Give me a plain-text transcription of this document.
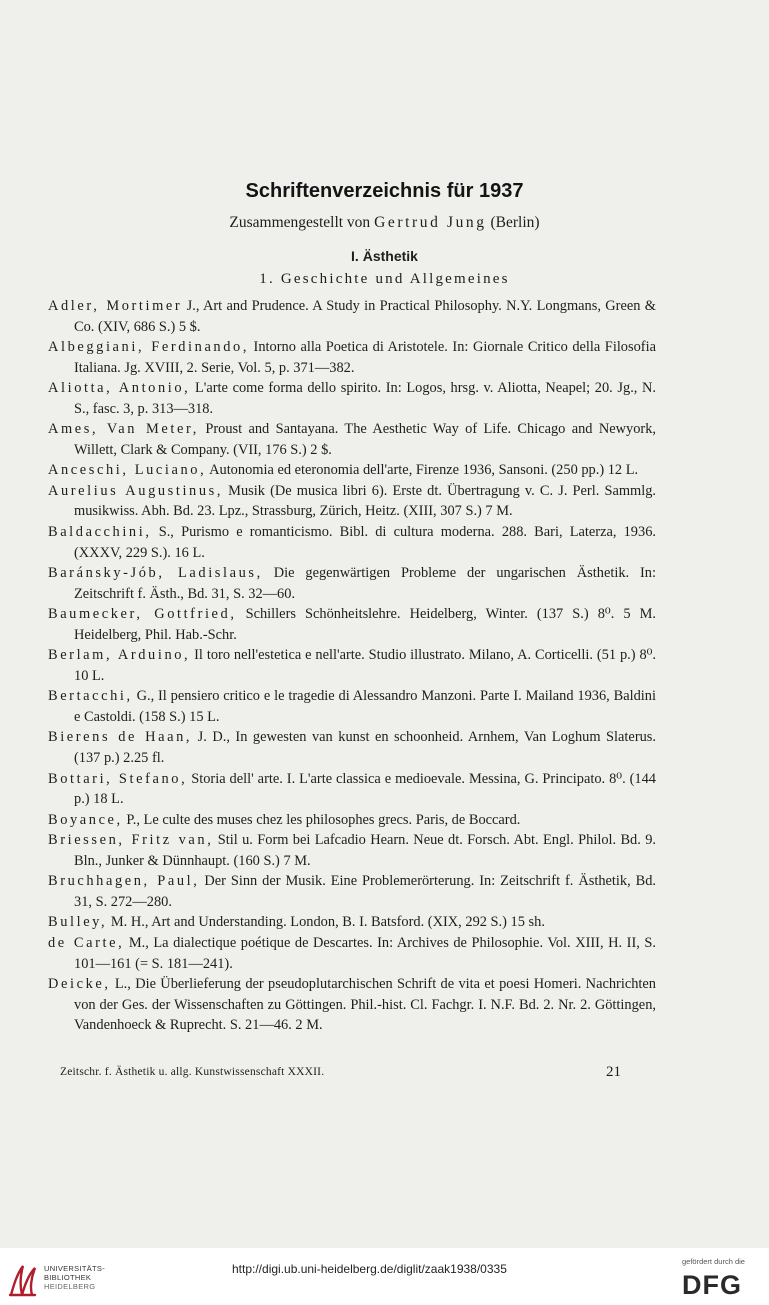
Schriftenverzeichnis für 1937
Zusammengestellt von Gertrud Jung (Berlin)
I. Ästhetik
1. Geschichte und Allgemeines
Adler, Mortimer J., Art and Prudence. A Study in Practical Philosophy. N.Y. Longmans, Green & Co. (XIV, 686 S.) 5 $.
Albeggiani, Ferdinando, Intorno alla Poetica di Aristotele. In: Giornale Critico della Filosofia Italiana. Jg. XVIII, 2. Serie, Vol. 5, p. 371—382.
Aliotta, Antonio, L'arte come forma dello spirito. In: Logos, hrsg. v. Aliotta, Neapel; 20. Jg., N. S., fasc. 3, p. 313—318.
Ames, Van Meter, Proust and Santayana. The Aesthetic Way of Life. Chicago and Newyork, Willett, Clark & Company. (VII, 176 S.) 2 $.
Anceschi, Luciano, Autonomia ed eteronomia dell'arte, Firenze 1936, Sansoni. (250 pp.) 12 L.
Aurelius Augustinus, Musik (De musica libri 6). Erste dt. Übertragung v. C. J. Perl. Sammlg. musikwiss. Abh. Bd. 23. Lpz., Strassburg, Zürich, Heitz. (XIII, 307 S.) 7 M.
Baldacchini, S., Purismo e romanticismo. Bibl. di cultura moderna. 288. Bari, Laterza, 1936. (XXXV, 229 S.). 16 L.
Baránsky-Jób, Ladislaus, Die gegenwärtigen Probleme der ungarischen Ästhetik. In: Zeitschrift f. Ästh., Bd. 31, S. 32—60.
Baumecker, Gottfried, Schillers Schönheitslehre. Heidelberg, Winter. (137 S.) 8⁰. 5 M. Heidelberg, Phil. Hab.-Schr.
Berlam, Arduino, Il toro nell'estetica e nell'arte. Studio illustrato. Milano, A. Corticelli. (51 p.) 8⁰. 10 L.
Bertacchi, G., Il pensiero critico e le tragedie di Alessandro Manzoni. Parte I. Mailand 1936, Baldini e Castoldi. (158 S.) 15 L.
Bierens de Haan, J. D., In gewesten van kunst en schoonheid. Arnhem, Van Loghum Slaterus. (137 p.) 2.25 fl.
Bottari, Stefano, Storia dell' arte. I. L'arte classica e medioevale. Messina, G. Principato. 8⁰. (144 p.) 18 L.
Boyance, P., Le culte des muses chez les philosophes grecs. Paris, de Boccard.
Briessen, Fritz van, Stil u. Form bei Lafcadio Hearn. Neue dt. Forsch. Abt. Engl. Philol. Bd. 9. Bln., Junker & Dünnhaupt. (160 S.) 7 M.
Bruchhagen, Paul, Der Sinn der Musik. Eine Problemerörterung. In: Zeitschrift f. Ästhetik, Bd. 31, S. 272—280.
Bulley, M. H., Art and Understanding. London, B. I. Batsford. (XIX, 292 S.) 15 sh.
de Carte, M., La dialectique poétique de Descartes. In: Archives de Philosophie. Vol. XIII, H. II, S. 101—161 (= S. 181—241).
Deicke, L., Die Überlieferung der pseudoplutarchischen Schrift de vita et poesi Homeri. Nachrichten von der Ges. der Wissenschaften zu Göttingen. Phil.-hist. Cl. Fachgr. I. N.F. Bd. 2. Nr. 2. Göttingen, Vandenhoeck & Ruprecht. S. 21—46. 2 M.
Zeitschr. f. Ästhetik u. allg. Kunstwissenschaft XXXII.	21
UNIVERSITÄTS-
BIBLIOTHEK
HEIDELBERG
http://digi.ub.uni-heidelberg.de/diglit/zaak1938/0335
gefördert durch die
DFG
